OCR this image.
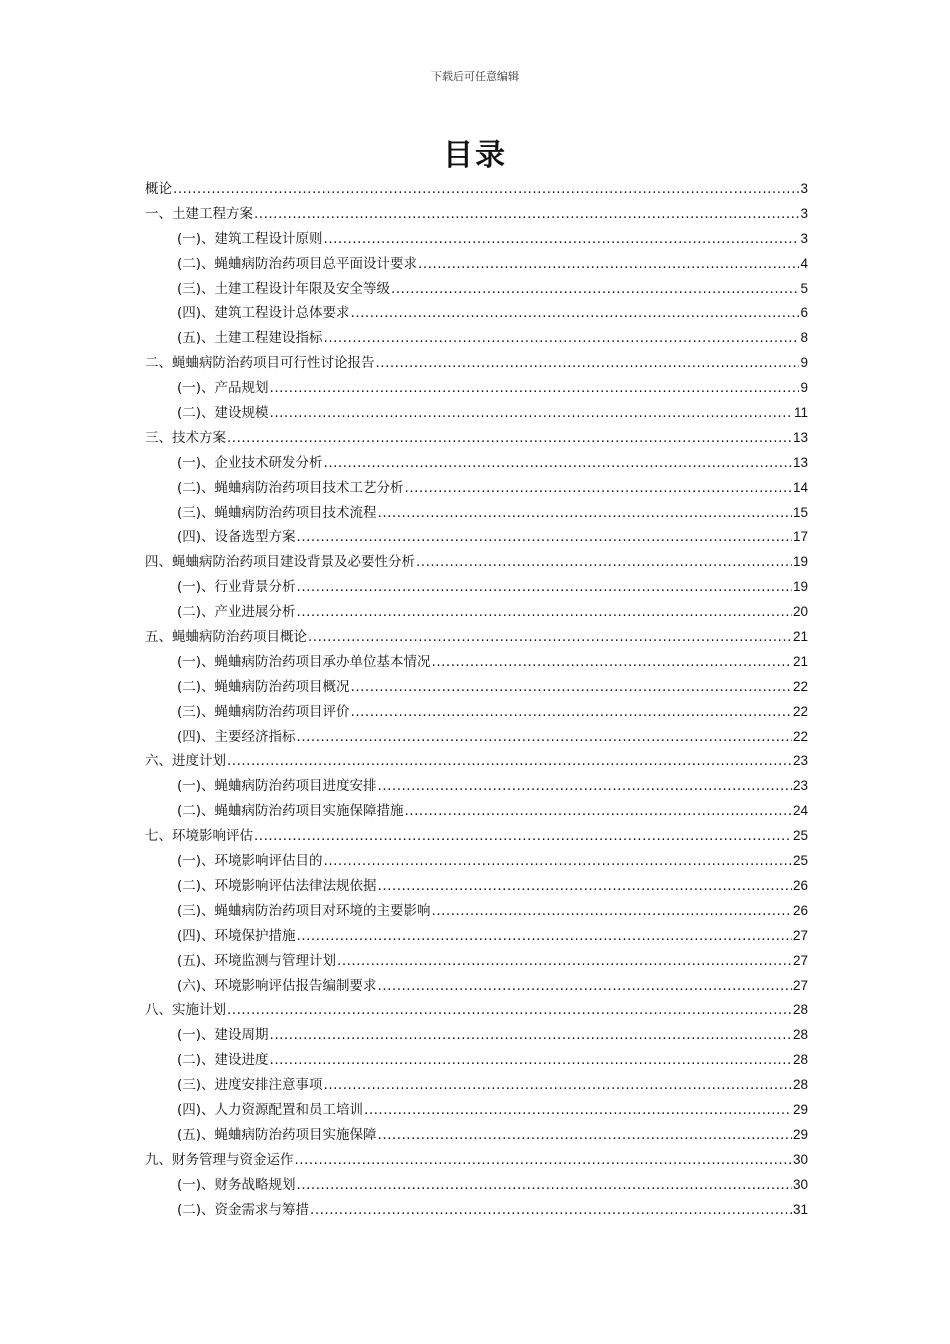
下载后可任意编辑
目录
概论 .....	3
一、土建工程方案 .....	3
(一)、建筑工程设计原则 .....	3
(二)、蝇蛐病防治药项目总平面设计要求 .....	4
(三)、土建工程设计年限及安全等级 .....	5
(四)、建筑工程设计总体要求 .....	6
(五)、土建工程建设指标 .....	8
二、蝇蛐病防治药项目可行性讨论报告 .....	9
(一)、产品规划 .....	9
(二)、建设规模 .....	11
三、技术方案 .....	13
(一)、企业技术研发分析 .....	13
(二)、蝇蛐病防治药项目技术工艺分析 .....	14
(三)、蝇蛐病防治药项目技术流程 .....	15
(四)、设备选型方案 .....	17
四、蝇蛐病防治药项目建设背景及必要性分析 .....	19
(一)、行业背景分析 .....	19
(二)、产业进展分析 .....	20
五、蝇蛐病防治药项目概论 .....	21
(一)、蝇蛐病防治药项目承办单位基本情况 .....	21
(二)、蝇蛐病防治药项目概况 .....	22
(三)、蝇蛐病防治药项目评价 .....	22
(四)、主要经济指标 .....	22
六、进度计划 .....	23
(一)、蝇蛐病防治药项目进度安排 .....	23
(二)、蝇蛐病防治药项目实施保障措施 .....	24
七、环境影响评估 .....	25
(一)、环境影响评估目的 .....	25
(二)、环境影响评估法律法规依据 .....	26
(三)、蝇蛐病防治药项目对环境的主要影响 .....	26
(四)、环境保护措施 .....	27
(五)、环境监测与管理计划 .....	27
(六)、环境影响评估报告编制要求 .....	27
八、实施计划 .....	28
(一)、建设周期 .....	28
(二)、建设进度 .....	28
(三)、进度安排注意事项 .....	28
(四)、人力资源配置和员工培训 .....	29
(五)、蝇蛐病防治药项目实施保障 .....	29
九、财务管理与资金运作 .....	30
(一)、财务战略规划 .....	30
(二)、资金需求与筹措 .....	31
